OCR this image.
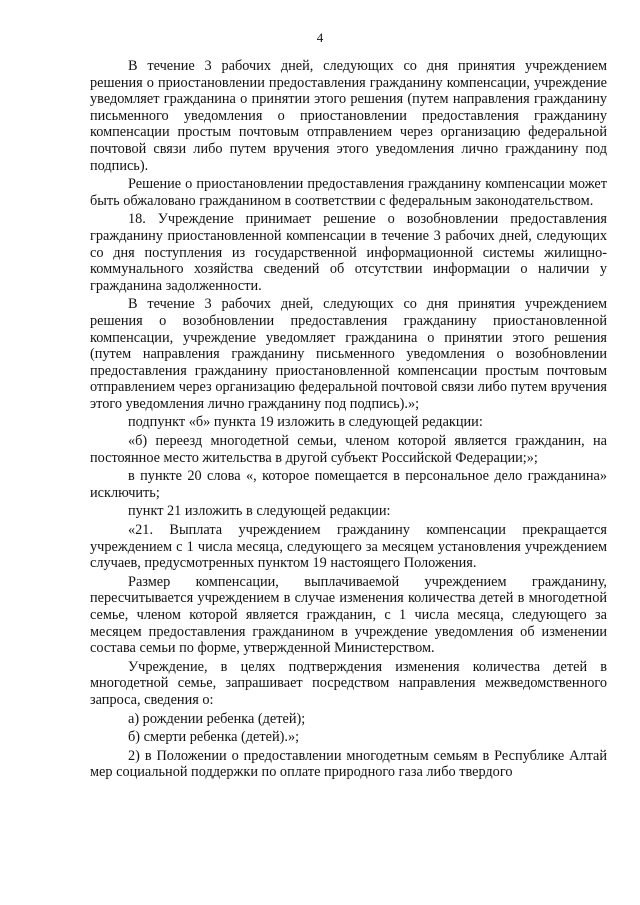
4

В течение 3 рабочих дней, следующих со дня принятия учреждением решения о приостановлении предоставления гражданину компенсации, учреждение уведомляет гражданина о принятии этого решения (путем направления гражданину письменного уведомления о приостановлении предоставления гражданину компенсации простым почтовым отправлением через организацию федеральной почтовой связи либо путем вручения этого уведомления лично гражданину под подпись).

Решение о приостановлении предоставления гражданину компенсации может быть обжаловано гражданином в соответствии с федеральным законодательством.

18. Учреждение принимает решение о возобновлении предоставления гражданину приостановленной компенсации в течение 3 рабочих дней, следующих со дня поступления из государственной информационной системы жилищно-коммунального хозяйства сведений об отсутствии информации о наличии у гражданина задолженности.

В течение 3 рабочих дней, следующих со дня принятия учреждением решения о возобновлении предоставления гражданину приостановленной компенсации, учреждение уведомляет гражданина о принятии этого решения (путем направления гражданину письменного уведомления о возобновлении предоставления гражданину приостановленной компенсации простым почтовым отправлением через организацию федеральной почтовой связи либо путем вручения этого уведомления лично гражданину под подпись).»;

подпункт «б» пункта 19 изложить в следующей редакции:

«б) переезд многодетной семьи, членом которой является гражданин, на постоянное место жительства в другой субъект Российской Федерации;»;

в пункте 20 слова «, которое помещается в персональное дело гражданина» исключить;

пункт 21 изложить в следующей редакции:

«21. Выплата учреждением гражданину компенсации прекращается учреждением с 1 числа месяца, следующего за месяцем установления учреждением случаев, предусмотренных пунктом 19 настоящего Положения.

Размер компенсации, выплачиваемой учреждением гражданину, пересчитывается учреждением в случае изменения количества детей в многодетной семье, членом которой является гражданин, с 1 числа месяца, следующего за месяцем предоставления гражданином в учреждение уведомления об изменении состава семьи по форме, утвержденной Министерством.

Учреждение, в целях подтверждения изменения количества детей в многодетной семье, запрашивает посредством направления межведомственного запроса, сведения о:

а) рождении ребенка (детей);

б) смерти ребенка (детей).»;

2) в Положении о предоставлении многодетным семьям в Республике Алтай мер социальной поддержки по оплате природного газа либо твердого
